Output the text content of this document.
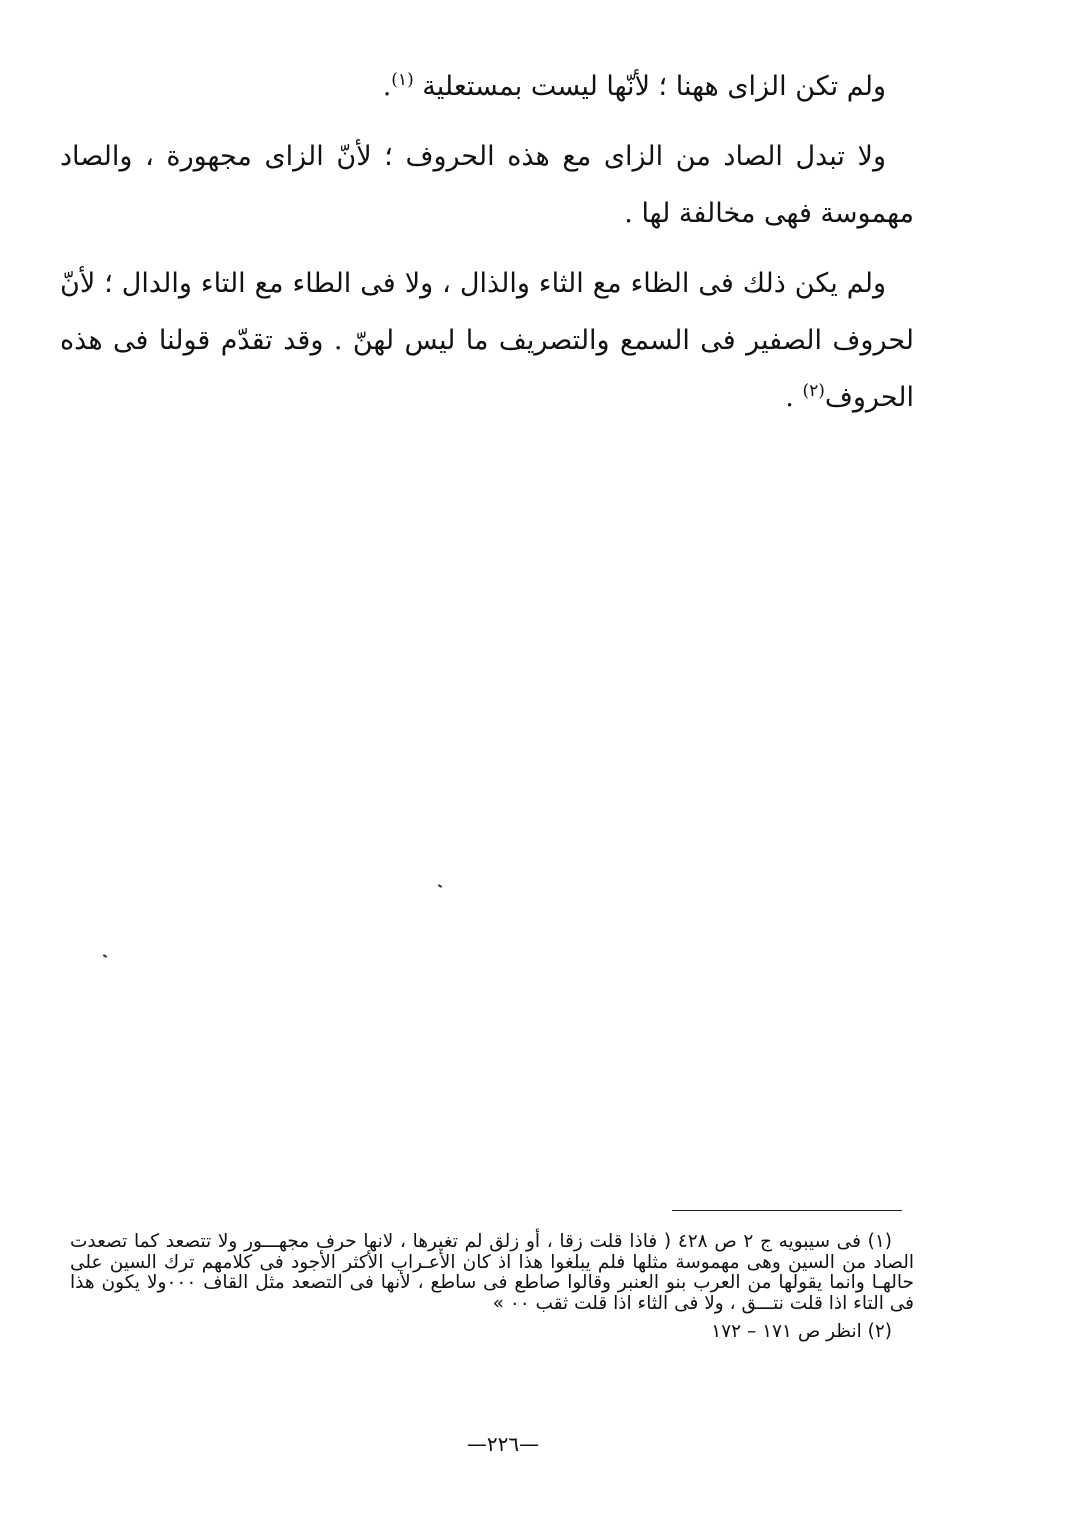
ولم تكن الزاى ههنا ؛ لأنّها ليست بمستعلية $^{(١)}$.

ولا تبدل الصاد من الزاى مع هذه الحروف ؛ لأنّ الزاى مجهورة ، والصاد مهموسة فهى مخالفة لها .

ولم يكن ذلك فى الظاء مع الثاء والذال ، ولا فى الطاء مع التاء والدال ؛ لأنّ لحروف الصفير فى السمع والتصريف ما ليس لهنّ . وقد تقدّم قولنا فى هذه الحروف$^{(٢)}$ .

(١) فى سيبويه ج ٢ ص ٤٢٨ ( فاذا قلت زقا ، أو زلق لم تغيرها ، لانها حرف مجهـــور ولا تتصعد كما تصعدت الصاد من السين وهى مهموسة مثلها فلم يبلغوا هذا اذ كان الأعـراب الأكثر الأجود فى كلامهم ترك السين على حالهـا وانما يقولها من العرب بنو العنبر وقالوا صاطع فى ساطع ، لأنها فى التصعد مثل القاف ٠٠٠ولا يكون هذا فى التاء اذا قلت نتـــق ، ولا فى الثاء اذا قلت ثقب ٠٠ »

(٢) انظر ص ١٧١ – ١٧٢

—٢٢٦—
